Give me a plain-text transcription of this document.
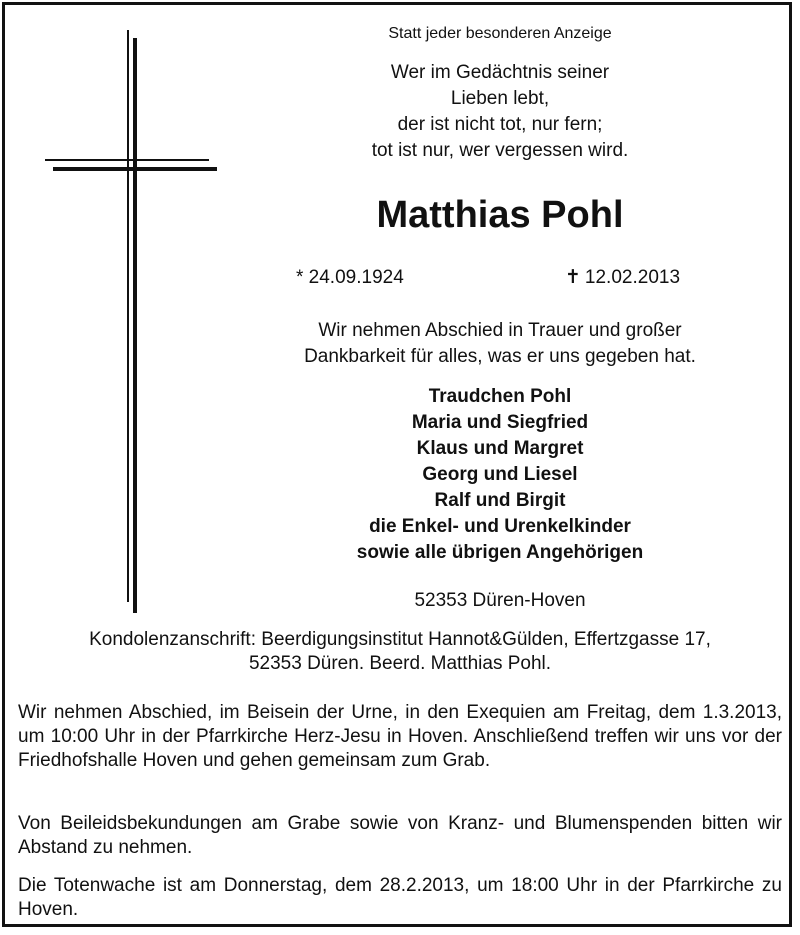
Statt jeder besonderen Anzeige
Wer im Gedächtnis seiner
Lieben lebt,
der ist nicht tot, nur fern;
tot ist nur, wer vergessen wird.
Matthias Pohl
* 24.09.1924	✝ 12.02.2013
Wir nehmen Abschied in Trauer und großer
Dankbarkeit für alles, was er uns gegeben hat.
Traudchen Pohl
Maria und Siegfried
Klaus und Margret
Georg und Liesel
Ralf und Birgit
die Enkel- und Urenkelkinder
sowie alle übrigen Angehörigen
52353 Düren-Hoven
Kondolenzanschrift: Beerdigungsinstitut Hannot&Gülden, Effertzgasse 17,
52353 Düren. Beerd. Matthias Pohl.
Wir nehmen Abschied, im Beisein der Urne, in den Exequien am Freitag, dem 1.3.2013, um 10:00 Uhr in der Pfarrkirche Herz-Jesu in Hoven. Anschließend treffen wir uns vor der Friedhofshalle Hoven und gehen gemeinsam zum Grab.
Von Beileidsbekundungen am Grabe sowie von Kranz- und Blumenspenden bitten wir Abstand zu nehmen.
Die Totenwache ist am Donnerstag, dem 28.2.2013, um 18:00 Uhr in der Pfarrkirche zu Hoven.
